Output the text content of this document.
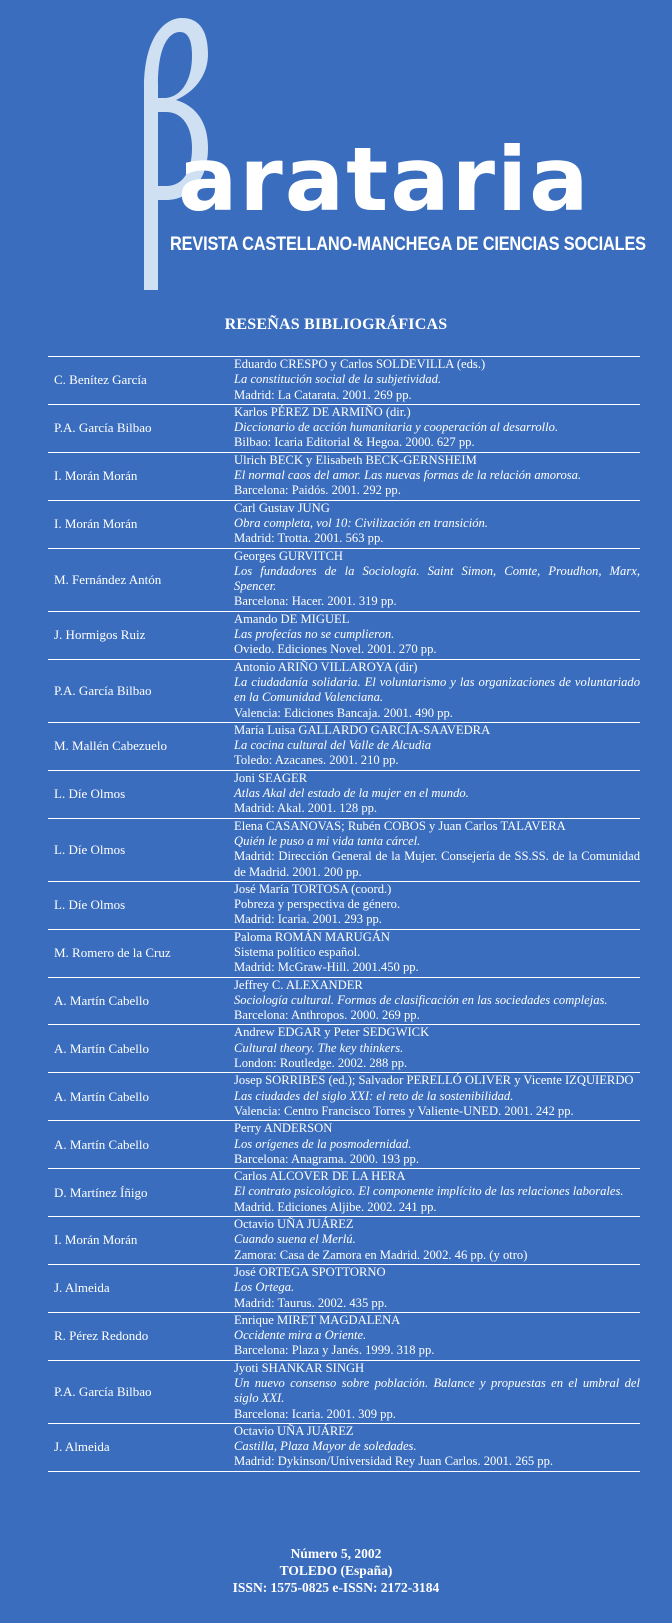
arataria
REVISTA CASTELLANO-MANCHEGA DE CIENCIAS SOCIALES
RESEÑAS BIBLIOGRÁFICAS
C. Benítez García
Eduardo CRESPO y Carlos SOLDEVILLA (eds.)
La constitución social de la subjetividad.
Madrid: La Catarata. 2001. 269 pp.
P.A. García Bilbao
Karlos PÉREZ DE ARMIÑO (dir.)
Diccionario de acción humanitaria y cooperación al desarrollo.
Bilbao: Icaria Editorial & Hegoa. 2000. 627 pp.
I. Morán Morán
Ulrich BECK y Elisabeth BECK-GERNSHEIM
El normal caos del amor. Las nuevas formas de la relación amorosa.
Barcelona: Paidós. 2001. 292 pp.
I. Morán Morán
Carl Gustav JUNG
Obra completa, vol 10: Civilización en transición.
Madrid: Trotta. 2001. 563 pp.
M. Fernández Antón
Georges GURVITCH
Los fundadores de la Sociología. Saint Simon, Comte, Proudhon, Marx, Spencer.
Barcelona: Hacer. 2001. 319 pp.
J. Hormigos Ruiz
Amando DE MIGUEL
Las profecías no se cumplieron.
Oviedo. Ediciones Novel. 2001. 270 pp.
P.A. García Bilbao
Antonio ARIÑO VILLAROYA (dir)
La ciudadanía solidaria. El voluntarismo y las organizaciones de voluntariado en la Comunidad Valenciana.
Valencia: Ediciones Bancaja. 2001. 490 pp.
M. Mallén Cabezuelo
María Luisa GALLARDO GARCÍA-SAAVEDRA
La cocina cultural del Valle de Alcudia
Toledo: Azacanes. 2001. 210 pp.
L. Díe Olmos
Joni SEAGER
Atlas Akal del estado de la mujer en el mundo.
Madrid: Akal. 2001. 128 pp.
L. Díe Olmos
Elena CASANOVAS; Rubén COBOS y Juan Carlos TALAVERA
Quién le puso a mi vida tanta cárcel.
Madrid: Dirección General de la Mujer. Consejería de SS.SS. de la Comunidad de Madrid. 2001. 200 pp.
L. Díe Olmos
José María TORTOSA (coord.)
Pobreza y perspectiva de género.
Madrid: Icaria. 2001. 293 pp.
M. Romero de la Cruz
Paloma ROMÁN MARUGÁN
Sistema político español.
Madrid: McGraw-Hill. 2001.450 pp.
A. Martín Cabello
Jeffrey C. ALEXANDER
Sociología cultural. Formas de clasificación en las sociedades complejas.
Barcelona: Anthropos. 2000. 269 pp.
A. Martín Cabello
Andrew EDGAR y Peter SEDGWICK
Cultural theory. The key thinkers.
London: Routledge. 2002. 288 pp.
A. Martín Cabello
Josep SORRIBES (ed.); Salvador PERELLÓ OLIVER y Vicente IZQUIERDO
Las ciudades del siglo XXI: el reto de la sostenibilidad.
Valencia: Centro Francisco Torres y Valiente-UNED. 2001. 242 pp.
A. Martín Cabello
Perry ANDERSON
Los orígenes de la posmodernidad.
Barcelona: Anagrama. 2000. 193 pp.
D. Martínez Íñigo
Carlos ALCOVER DE LA HERA
El contrato psicológico. El componente implícito de las relaciones laborales.
Madrid. Ediciones Aljibe. 2002. 241 pp.
I. Morán Morán
Octavio UÑA JUÁREZ
Cuando suena el Merlú.
Zamora: Casa de Zamora en Madrid. 2002. 46 pp. (y otro)
J. Almeida
José ORTEGA SPOTTORNO
Los Ortega.
Madrid: Taurus. 2002. 435 pp.
R. Pérez Redondo
Enrique MIRET MAGDALENA
Occidente mira a Oriente.
Barcelona: Plaza y Janés. 1999. 318 pp.
P.A. García Bilbao
Jyoti SHANKAR SINGH
Un nuevo consenso sobre población. Balance y propuestas en el umbral del siglo XXI.
Barcelona: Icaria. 2001. 309 pp.
J. Almeida
Octavio UÑA JUÁREZ
Castilla, Plaza Mayor de soledades.
Madrid: Dykinson/Universidad Rey Juan Carlos. 2001. 265 pp.
Número 5, 2002
TOLEDO (España)
ISSN: 1575-0825 e-ISSN: 2172-3184
